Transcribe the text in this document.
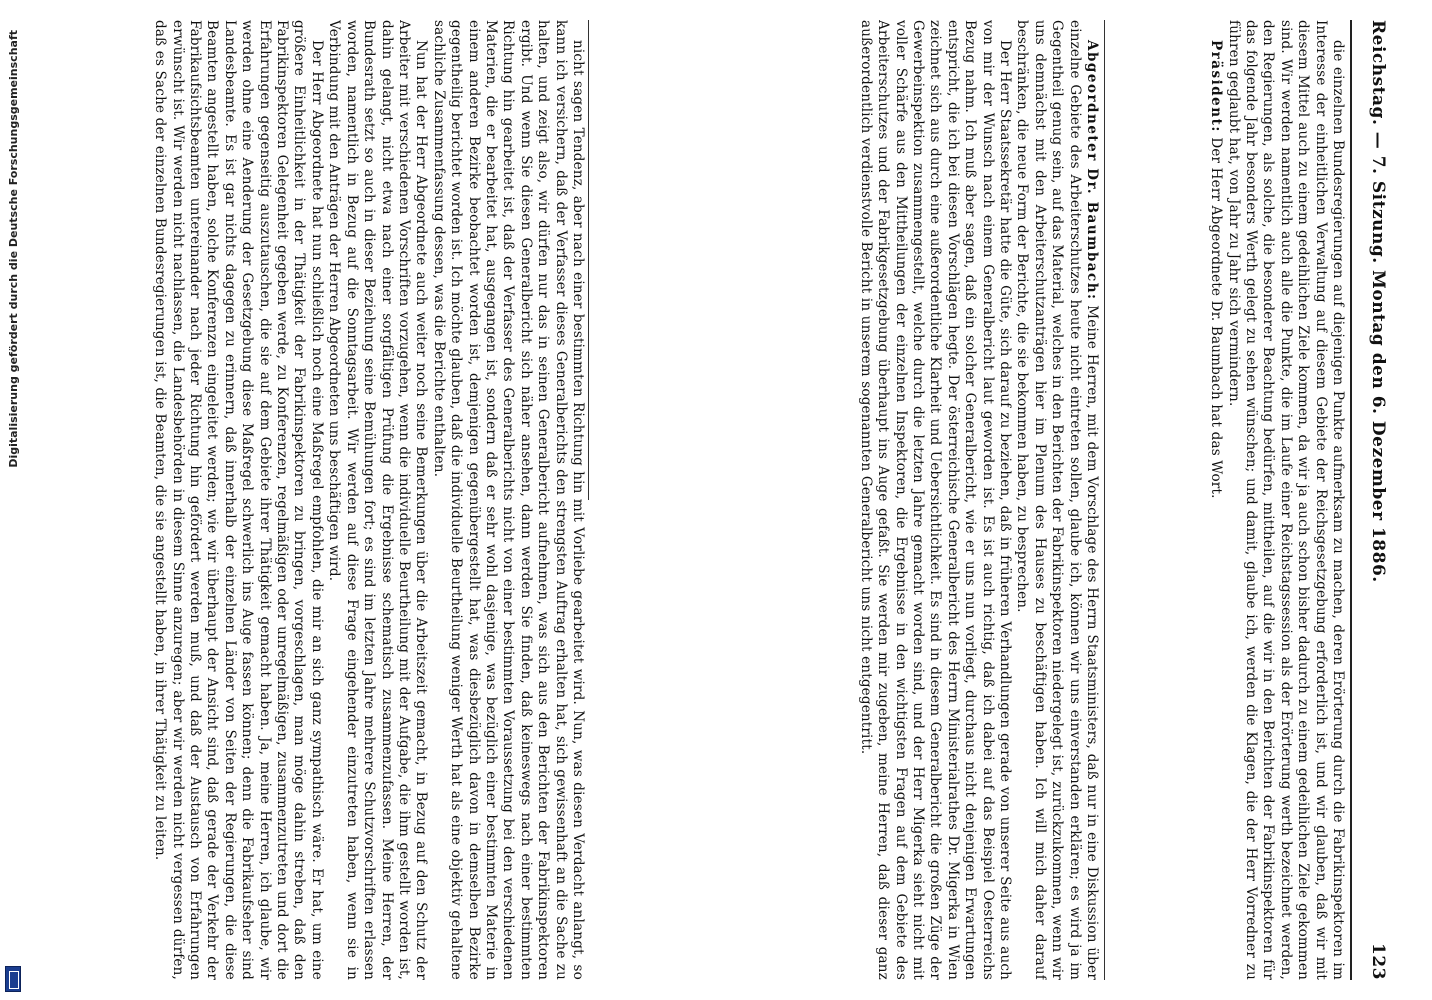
Reichstag. — 7. Sitzung. Montag den 6. Dezember 1886.
123

die einzelnen Bundesregierungen auf diejenigen Punkte aufmerksam zu machen, deren Erörterung durch die Fabrikinspektoren im Interesse der einheitlichen Verwaltung auf diesem Gebiete der Reichsgesetzgebung erforderlich ist, und wir glauben, daß wir mit diesem Mittel auch zu einem gedeihlichen Ziele kommen, da wir ja auch schon bisher dadurch zu einem gedeihlichen Ziele gekommen sind. Wir werden namentlich auch alle die Punkte, die im Laufe einer Reichstagssession als der Erörterung werth bezeichnet werden, den Regierungen, als solche, die besonderer Beachtung bedürfen, mittheilen, auf die wir in den Berichten der Fabrikinspektoren für das folgende Jahr besonders Werth gelegt zu sehen wünschen; und damit, glaube ich, werden die Klagen, die der Herr Vorredner zu führen geglaubt hat, von Jahr zu Jahr sich vermindern.

Präsident: Der Herr Abgeordnete Dr. Baumbach hat das Wort.

Abgeordneter Dr. Baumbach: Meine Herren, mit dem Vorschlage des Herrn Staatsministers, daß nur in eine Diskussion über einzelne Gebiete des Arbeiterschutzes heute nicht eintreten sollen, glaube ich, können wir uns einverstanden erklären; es wird ja im Gegentheil genug sein, auf das Material, welches in den Berichten der Fabrikinspektoren niedergelegt ist, zurückzukommen, wenn wir uns demnächst mit den Arbeiterschutzanträgen hier im Plenum des Hauses zu beschäftigen haben. Ich will mich daher darauf beschränken, die neue Form der Berichte, die sie bekommen haben, zu besprechen.

Der Herr Staatssekretär hatte die Güte, sich darauf zu beziehen, daß in früheren Verhandlungen gerade von unserer Seite aus auch von mir der Wunsch nach einem Generalbericht laut geworden ist. Es ist auch richtig, daß ich dabei auf das Beispiel Oesterreichs Bezug nahm. Ich muß aber sagen, daß ein solcher Generalbericht, wie er uns nun vorliegt, durchaus nicht denjenigen Erwartungen entspricht, die ich bei diesen Vorschlägen hegte. Der österreichische Generalbericht des Herrn Ministerialrathes Dr. Migerka in Wien zeichnet sich aus durch eine außerordentliche Klarheit und Uebersichtlichkeit. Es sind in diesem Generalbericht die großen Züge der Gewerbeinspektion zusammengestellt, welche durch die letzten Jahre gemacht worden sind, und der Herr Migerka sieht nicht mit voller Schärfe aus den Mittheilungen der einzelnen Inspektoren, die Ergebnisse in den wichtigsten Fragen auf dem Gebiete des Arbeiterschutzes und der Fabrikgesetzgebung überhaupt ins Auge gefaßt. Sie werden mir zugeben, meine Herren, daß dieser ganz außerordentlich verdienstvolle Bericht in unserem sogenannten Generalbericht uns nicht entgegentritt.

nicht sagen Tendenz, aber nach einer bestimmten Richtung hin mit Vorliebe gearbeitet wird. Nun, was diesen Verdacht anlangt, so kann ich versichern, daß der Verfasser dieses Generalberichts den strengsten Auftrag erhalten hat, sich gewissenhaft an die Sache zu halten, und zeigt also, wir dürfen nur das in seinen Generalbericht aufnehmen, was sich aus den Berichten der Fabrikinspektoren ergibt. Und wenn Sie diesen Generalbericht sich näher ansehen, dann werden Sie finden, daß keineswegs nach einer bestimmten Richtung hin gearbeitet ist, daß der Verfasser des Generalberichts nicht von einer bestimmten Voraussetzung bei den verschiedenen Materien, die er bearbeitet hat, ausgegangen ist, sondern daß er sehr wohl dasjenige, was bezüglich einer bestimmten Materie in einem anderen Bezirke beobachtet worden ist, demjenigen gegenübergestellt hat, was diesbezüglich davon in demselben Bezirke gegentheilig berichtet worden ist. Ich möchte glauben, daß die individuelle Beurtheilung weniger Werth hat als eine objektiv gehaltene sachliche Zusammenfassung dessen, was die Berichte enthalten.

Nun hat der Herr Abgeordnete auch weiter noch seine Bemerkungen über die Arbeitszeit gemacht, in Bezug auf den Schutz der Arbeiter mit verschiedenen Vorschriften vorzugehen, wenn die individuelle Beurtheilung mit der Aufgabe, die ihm gestellt worden ist, dahin gelangt, nicht etwa nach einer sorgfältigen Prüfung die Ergebnisse schematisch zusammenzufassen. Meine Herren, der Bundesrath setzt so auch in dieser Beziehung seine Bemühungen fort; es sind im letzten Jahre mehrere Schutzvorschriften erlassen worden, namentlich in Bezug auf die Sonntagsarbeit. Wir werden auf diese Frage eingehender einzutreten haben, wenn sie in Verbindung mit den Anträgen der Herren Abgeordneten uns beschäftigen wird.

Der Herr Abgeordnete hat nun schließlich noch eine Maßregel empfohlen, die mir an sich ganz sympathisch wäre. Er hat, um eine größere Einheitlichkeit in der Thätigkeit der Fabrikinspektoren zu bringen, vorgeschlagen, man möge dahin streben, daß den Fabrikinspektoren Gelegenheit gegeben werde, zu Konferenzen, regelmäßigen oder unregelmäßigen, zusammenzutreten und dort die Erfahrungen gegenseitig auszutauschen, die sie auf dem Gebiete ihrer Thätigkeit gemacht haben. Ja, meine Herren, ich glaube, wir werden ohne eine Aenderung der Gesetzgebung diese Maßregel schwerlich ins Auge fassen können; denn die Fabrikaufseher sind Landesbeamte. Es ist gar nichts dagegen zu erinnern, daß innerhalb der einzelnen Länder von Seiten der Regierungen, die diese Beamten angestellt haben, solche Konferenzen eingeleitet werden; wie wir überhaupt der Ansicht sind, daß gerade der Verkehr der Fabrikaufsichtsbeamten untereinander nach jeder Richtung hin gefördert werden muß, und daß der Austausch von Erfahrungen erwünscht ist. Wir werden nicht nachlassen, die Landesbehörden in diesem Sinne anzuregen; aber wir werden nicht vergessen dürfen, daß es Sache der einzelnen Bundesregierungen ist, die Beamten, die sie angestellt haben, in ihrer Thätigkeit zu leiten.

Digitalisierung gefördert durch die Deutsche Forschungsgemeinschaft
